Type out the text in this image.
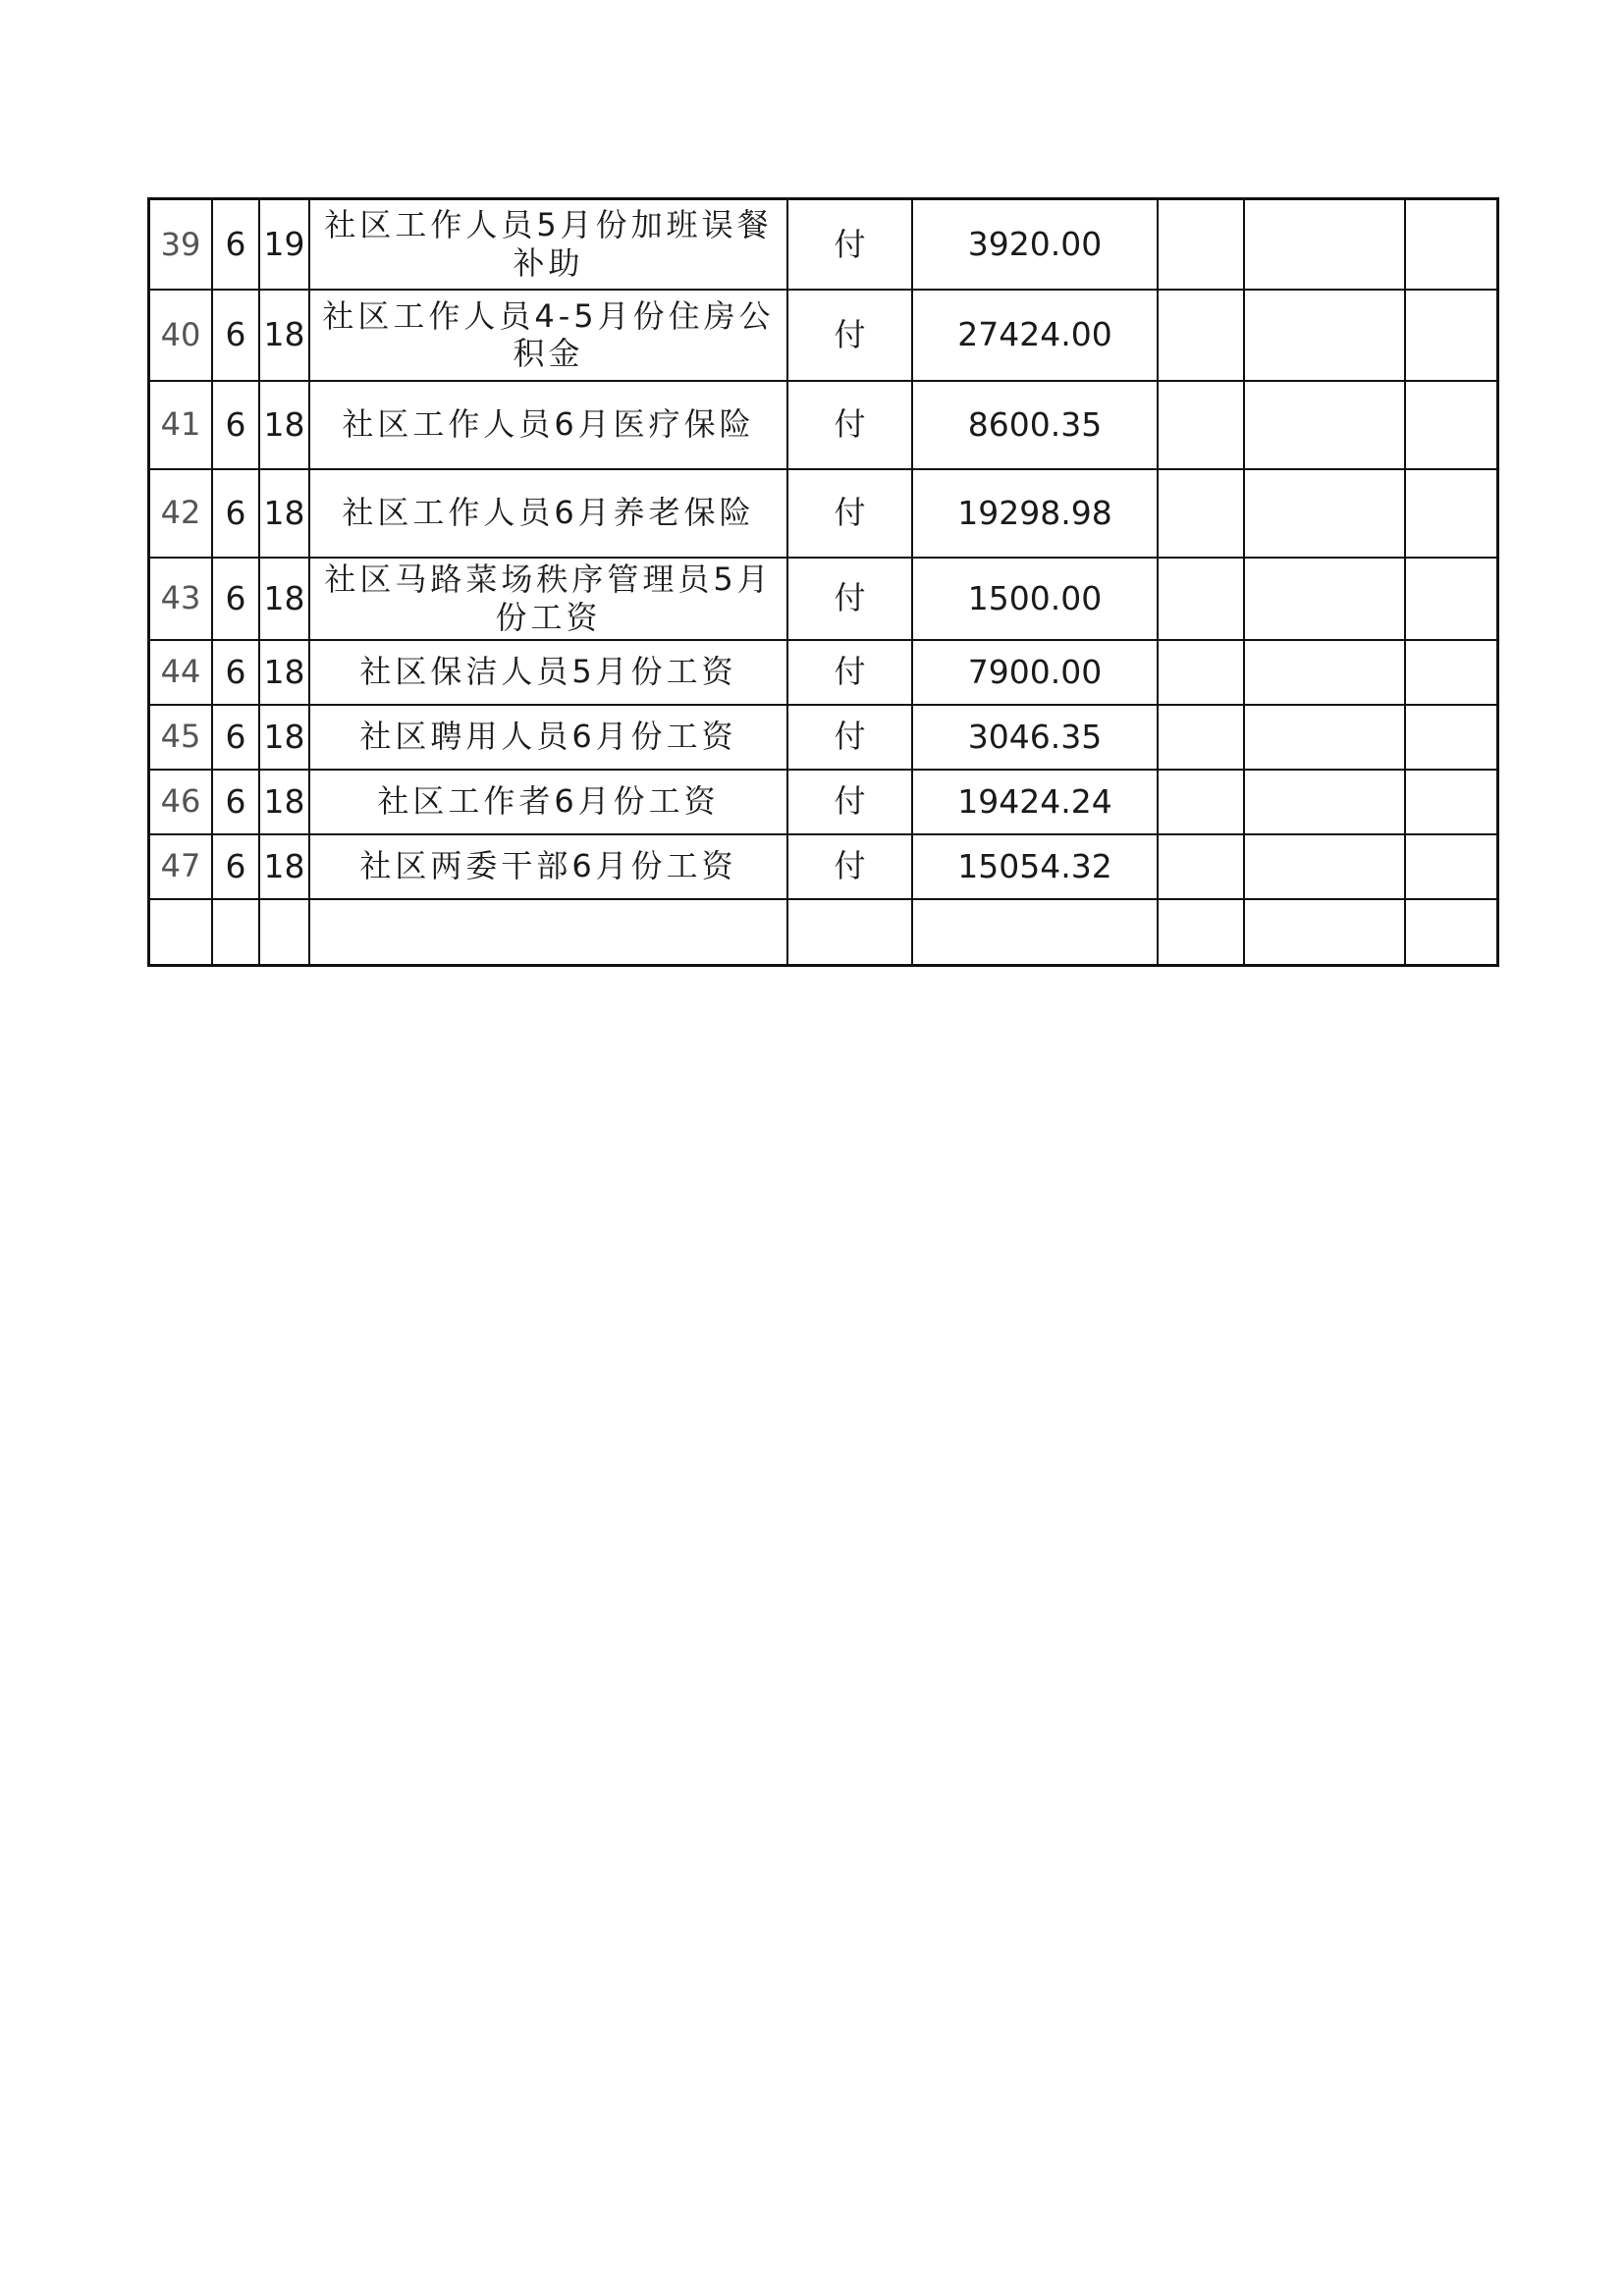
39	6	19	社区工作人员5月份加班误餐补助	付	3920.00			
40	6	18	社区工作人员4-5月份住房公积金	付	27424.00			
41	6	18	社区工作人员6月医疗保险	付	8600.35			
42	6	18	社区工作人员6月养老保险	付	19298.98			
43	6	18	社区马路菜场秩序管理员5月份工资	付	1500.00			
44	6	18	社区保洁人员5月份工资	付	7900.00			
45	6	18	社区聘用人员6月份工资	付	3046.35			
46	6	18	社区工作者6月份工资	付	19424.24			
47	6	18	社区两委干部6月份工资	付	15054.32			
